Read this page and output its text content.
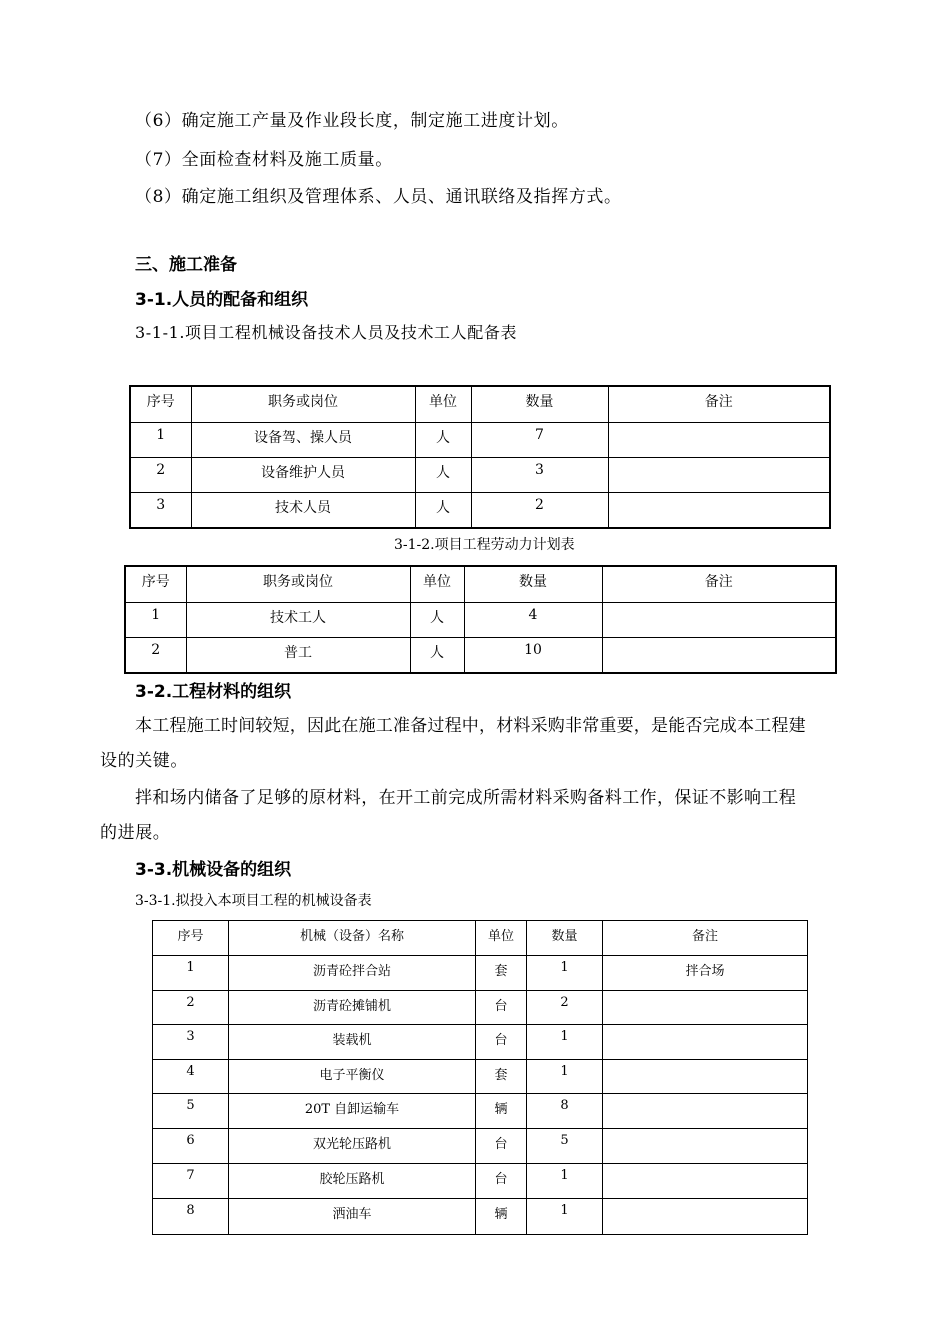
（6）确定施工产量及作业段长度，制定施工进度计划。
（7）全面检查材料及施工质量。
（8）确定施工组织及管理体系、人员、通讯联络及指挥方式。
三、施工准备
3-1.人员的配备和组织
3-1-1.项目工程机械设备技术人员及技术工人配备表
序号	职务或岗位	单位	数量	备注
1	设备驾、操人员	人	7	
2	设备维护人员	人	3	
3	技术人员	人	2	
3-1-2.项目工程劳动力计划表
序号	职务或岗位	单位	数量	备注
1	技术工人	人	4	
2	普工	人	10	
3-2.工程材料的组织
本工程施工时间较短，因此在施工准备过程中，材料采购非常重要，是能否完成本工程建
设的关键。
拌和场内储备了足够的原材料，在开工前完成所需材料采购备料工作，保证不影响工程
的进展。
3-3.机械设备的组织
3-3-1.拟投入本项目工程的机械设备表
序号	机械（设备）名称	单位	数量	备注
1	沥青砼拌合站	套	1	拌合场
2	沥青砼摊铺机	台	2	
3	装载机	台	1	
4	电子平衡仪	套	1	
5	20T 自卸运输车	辆	8	
6	双光轮压路机	台	5	
7	胶轮压路机	台	1	
8	洒油车	辆	1	
